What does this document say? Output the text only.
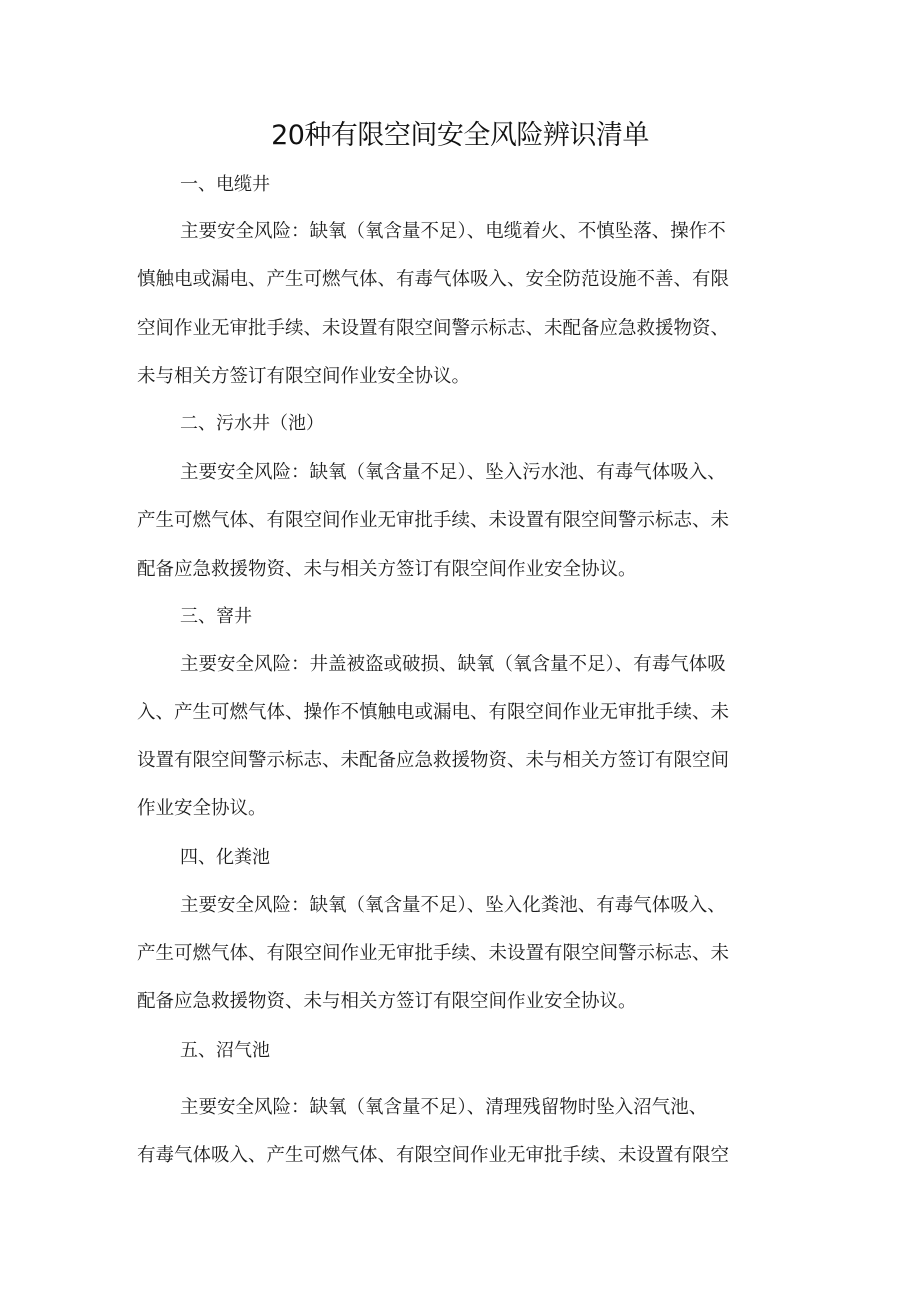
20种有限空间安全风险辨识清单
一、电缆井
主要安全风险：缺氧（氧含量不足）、电缆着火、不慎坠落、操作不
慎触电或漏电、产生可燃气体、有毒气体吸入、安全防范设施不善、有限
空间作业无审批手续、未设置有限空间警示标志、未配备应急救援物资、
未与相关方签订有限空间作业安全协议。
二、污水井（池）
主要安全风险：缺氧（氧含量不足）、坠入污水池、有毒气体吸入、
产生可燃气体、有限空间作业无审批手续、未设置有限空间警示标志、未
配备应急救援物资、未与相关方签订有限空间作业安全协议。
三、窨井
主要安全风险：井盖被盗或破损、缺氧（氧含量不足）、有毒气体吸
入、产生可燃气体、操作不慎触电或漏电、有限空间作业无审批手续、未
设置有限空间警示标志、未配备应急救援物资、未与相关方签订有限空间
作业安全协议。
四、化粪池
主要安全风险：缺氧（氧含量不足）、坠入化粪池、有毒气体吸入、
产生可燃气体、有限空间作业无审批手续、未设置有限空间警示标志、未
配备应急救援物资、未与相关方签订有限空间作业安全协议。
五、沼气池
主要安全风险：缺氧（氧含量不足）、清理残留物时坠入沼气池、
有毒气体吸入、产生可燃气体、有限空间作业无审批手续、未设置有限空
